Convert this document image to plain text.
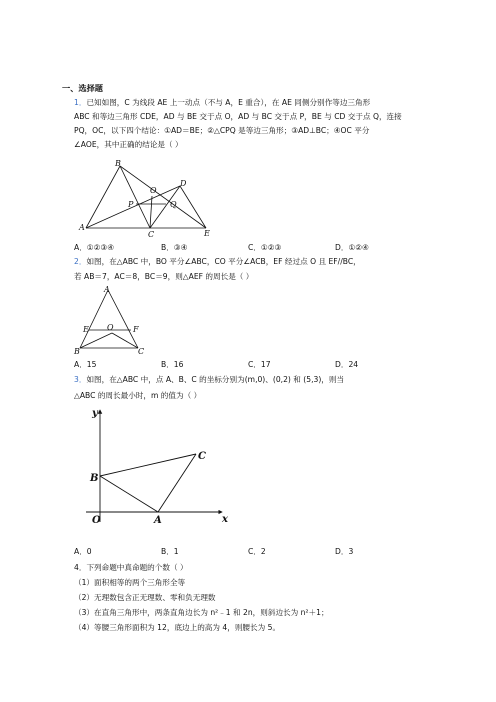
一、选择题
1．已知如图，C 为线段 AE 上一动点（不与 A，E 重合），在 AE 同侧分别作等边三角形
ABC 和等边三角形 CDE，AD 与 BE 交于点 O，AD 与 BC 交于点 P，BE 与 CD 交于点 Q，连接
PQ，OC，以下四个结论：①AD＝BE；②△CPQ 是等边三角形；③AD⊥BC；④OC 平分
∠AOE，其中正确的结论是（ ）
B
D
O
P	Q
A
C	E
A．①②③④	B．③④	C．①②③	D．①②④
2．如图，在△ABC 中，BO 平分∠ABC，CO 平分∠ACB，EF 经过点 O 且 EF//BC，
若 AB＝7，AC＝8，BC＝9，则△AEF 的周长是（ ）
A
E O F
B	C
A．15	B．16	C．17	D．24
3．如图，在△ABC 中，点 A、B、C 的坐标分别为(m,0)、(0,2) 和 (5,3)，则当
△ABC 的周长最小时，m 的值为（ ）
y
B
C
O	A	x
A．0	B．1	C．2	D．3
4．下列命题中真命题的个数（ ）
（1）面积相等的两个三角形全等
（2）无理数包含正无理数、零和负无理数
（3）在直角三角形中，两条直角边长为 n²﹣1 和 2n，则斜边长为 n²＋1；
（4）等腰三角形面积为 12，底边上的高为 4，则腰长为 5。
